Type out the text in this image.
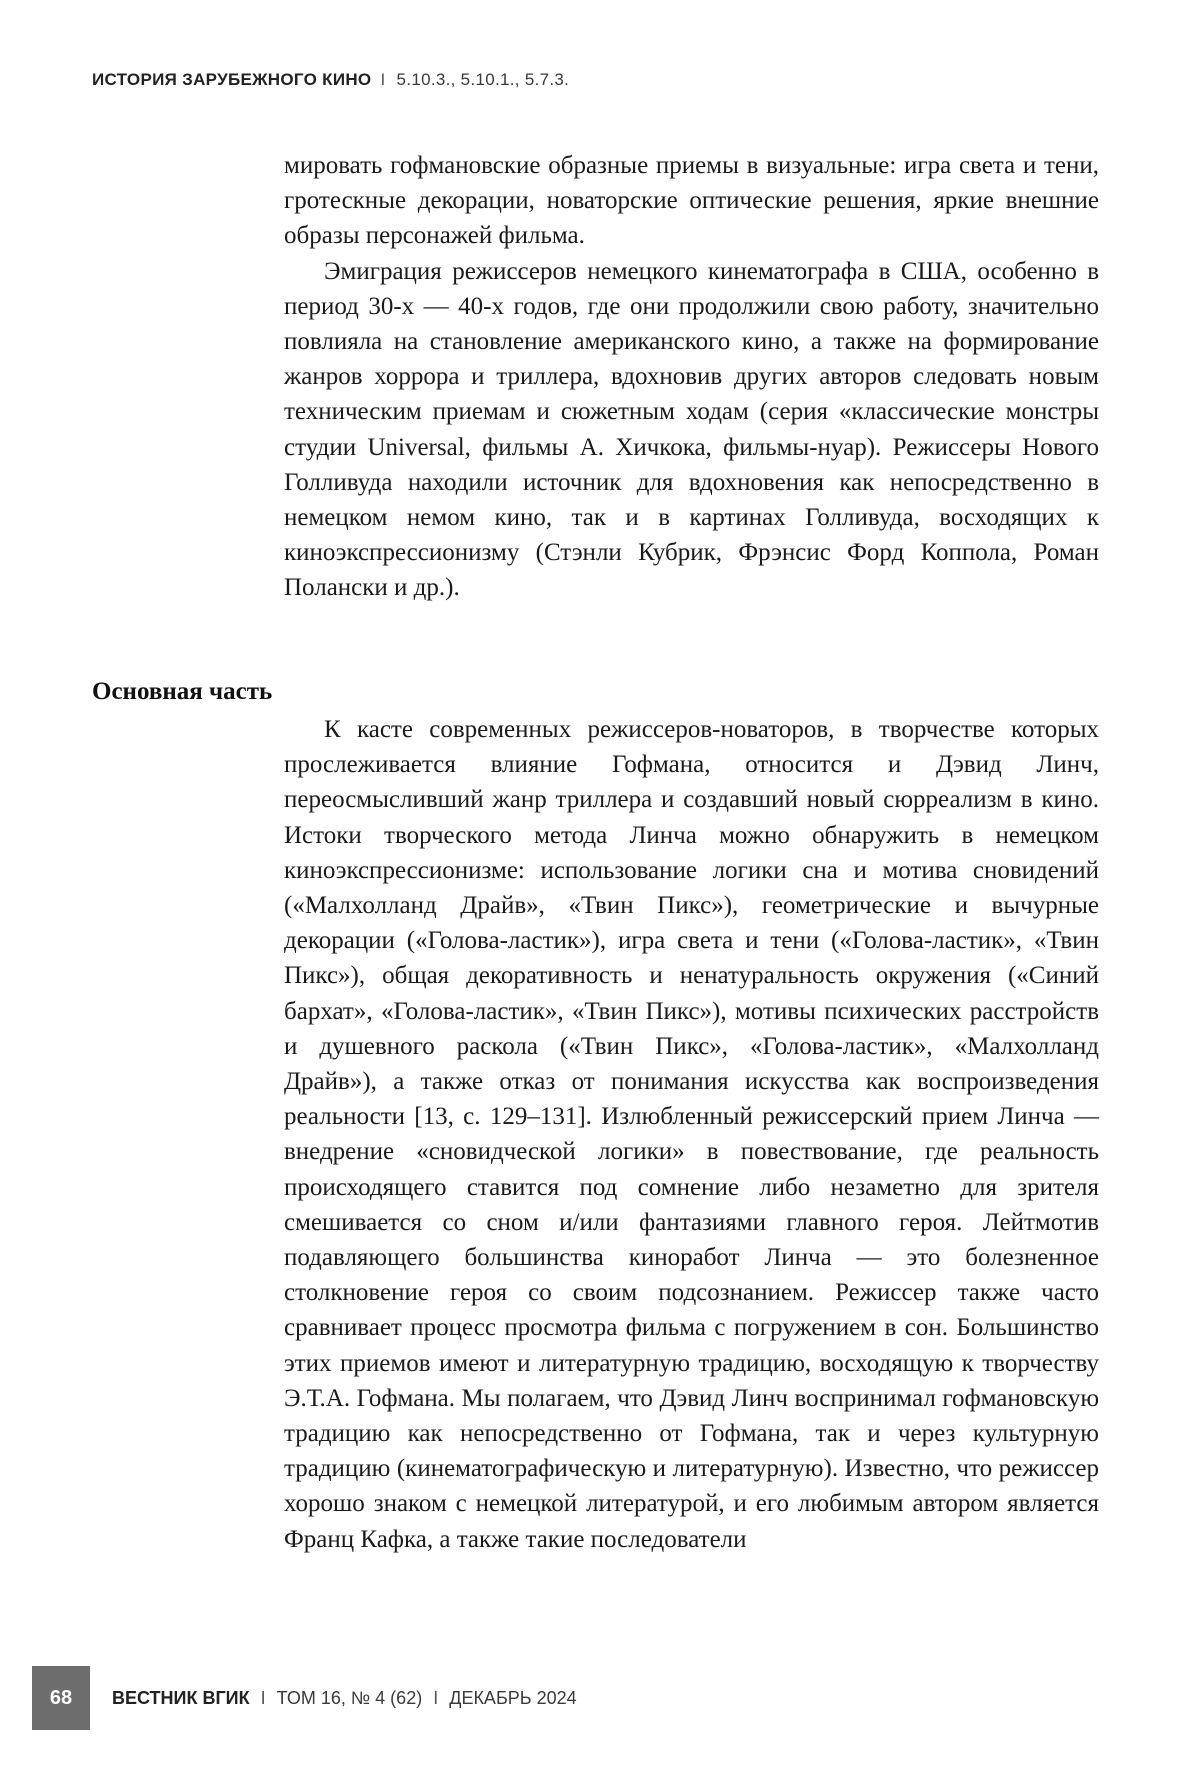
ИСТОРИЯ ЗАРУБЕЖНОГО КИНО I 5.10.3., 5.10.1., 5.7.3.

мировать гофмановские образные приемы в визуальные: игра света и тени, гротескные декорации, новаторские оптические решения, яркие внешние образы персонажей фильма.

Эмиграция режиссеров немецкого кинематографа в США, особенно в период 30-х — 40-х годов, где они продолжили свою работу, значительно повлияла на становление американского кино, а также на формирование жанров хоррора и триллера, вдохновив других авторов следовать новым техническим приемам и сюжетным ходам (серия «классические монстры студии Universal, фильмы А. Хичкока, фильмы-нуар). Режиссеры Нового Голливуда находили источник для вдохновения как непосредственно в немецком немом кино, так и в картинах Голливуда, восходящих к киноэкспрессионизму (Стэнли Кубрик, Фрэнсис Форд Коппола, Роман Полански и др.).

Основная часть

К касте современных режиссеров-новаторов, в творчестве которых прослеживается влияние Гофмана, относится и Дэвид Линч, переосмысливший жанр триллера и создавший новый сюрреализм в кино. Истоки творческого метода Линча можно обнаружить в немецком киноэкспрессионизме: использование логики сна и мотива сновидений («Малхолланд Драйв», «Твин Пикс»), геометрические и вычурные декорации («Голова-ластик»), игра света и тени («Голова-ластик», «Твин Пикс»), общая декоративность и ненатуральность окружения («Синий бархат», «Голова-ластик», «Твин Пикс»), мотивы психических расстройств и душевного раскола («Твин Пикс», «Голова-ластик», «Малхолланд Драйв»), а также отказ от понимания искусства как воспроизведения реальности [13, с. 129–131]. Излюбленный режиссерский прием Линча — внедрение «сновидческой логики» в повествование, где реальность происходящего ставится под сомнение либо незаметно для зрителя смешивается со сном и/или фантазиями главного героя. Лейтмотив подавляющего большинства киноработ Линча — это болезненное столкновение героя со своим подсознанием. Режиссер также часто сравнивает процесс просмотра фильма с погружением в сон. Большинство этих приемов имеют и литературную традицию, восходящую к творчеству Э.Т.А. Гофмана. Мы полагаем, что Дэвид Линч воспринимал гофмановскую традицию как непосредственно от Гофмана, так и через культурную традицию (кинематографическую и литературную). Известно, что режиссер хорошо знаком с немецкой литературой, и его любимым автором является Франц Кафка, а также такие последователи

68	ВЕСТНИК ВГИК I ТОМ 16, № 4 (62) I ДЕКАБРЬ 2024
